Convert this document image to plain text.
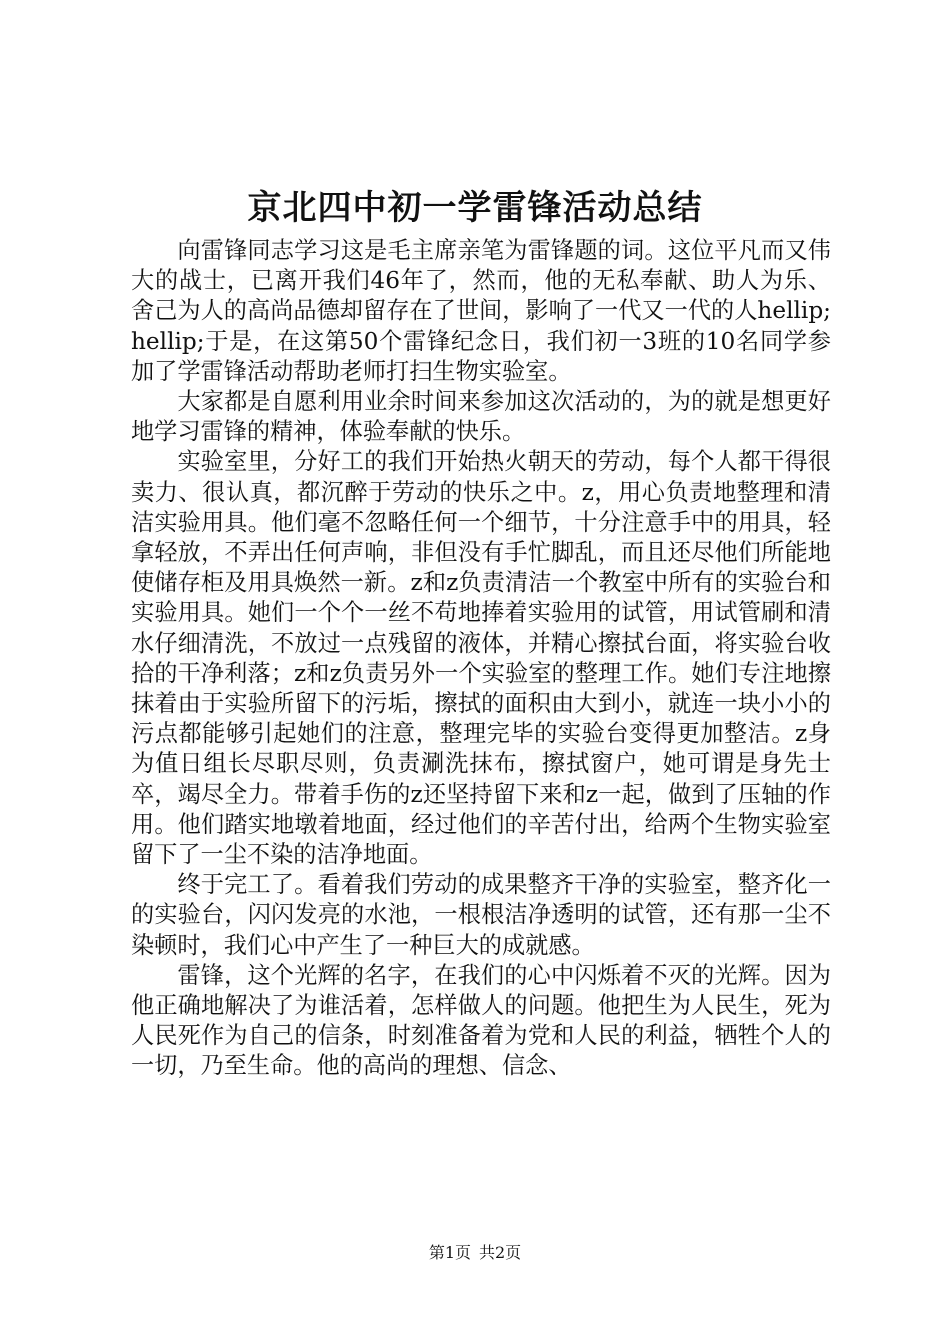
京北四中初一学雷锋活动总结

向雷锋同志学习这是毛主席亲笔为雷锋题的词。这位平凡而又伟大的战士，已离开我们46年了，然而，他的无私奉献、助人为乐、舍己为人的高尚品德却留存在了世间，影响了一代又一代的人hellip;hellip;于是，在这第50个雷锋纪念日，我们初一3班的10名同学参加了学雷锋活动帮助老师打扫生物实验室。

大家都是自愿利用业余时间来参加这次活动的，为的就是想更好地学习雷锋的精神，体验奉献的快乐。

实验室里，分好工的我们开始热火朝天的劳动，每个人都干得很卖力、很认真，都沉醉于劳动的快乐之中。z，用心负责地整理和清洁实验用具。他们毫不忽略任何一个细节，十分注意手中的用具，轻拿轻放，不弄出任何声响，非但没有手忙脚乱，而且还尽他们所能地使储存柜及用具焕然一新。z和z负责清洁一个教室中所有的实验台和实验用具。她们一个个一丝不苟地捧着实验用的试管，用试管刷和清水仔细清洗，不放过一点残留的液体，并精心擦拭台面，将实验台收拾的干净利落；z和z负责另外一个实验室的整理工作。她们专注地擦抹着由于实验所留下的污垢，擦拭的面积由大到小，就连一块小小的污点都能够引起她们的注意，整理完毕的实验台变得更加整洁。z身为值日组长尽职尽则，负责涮洗抹布，擦拭窗户，她可谓是身先士卒，竭尽全力。带着手伤的z还坚持留下来和z一起，做到了压轴的作用。他们踏实地墩着地面，经过他们的辛苦付出，给两个生物实验室留下了一尘不染的洁净地面。

终于完工了。看着我们劳动的成果整齐干净的实验室，整齐化一的实验台，闪闪发亮的水池，一根根洁净透明的试管，还有那一尘不染顿时，我们心中产生了一种巨大的成就感。

雷锋，这个光辉的名字，在我们的心中闪烁着不灭的光辉。因为他正确地解决了为谁活着，怎样做人的问题。他把生为人民生，死为人民死作为自己的信条，时刻准备着为党和人民的利益，牺牲个人的一切，乃至生命。他的高尚的理想、信念、

第1页 共2页
